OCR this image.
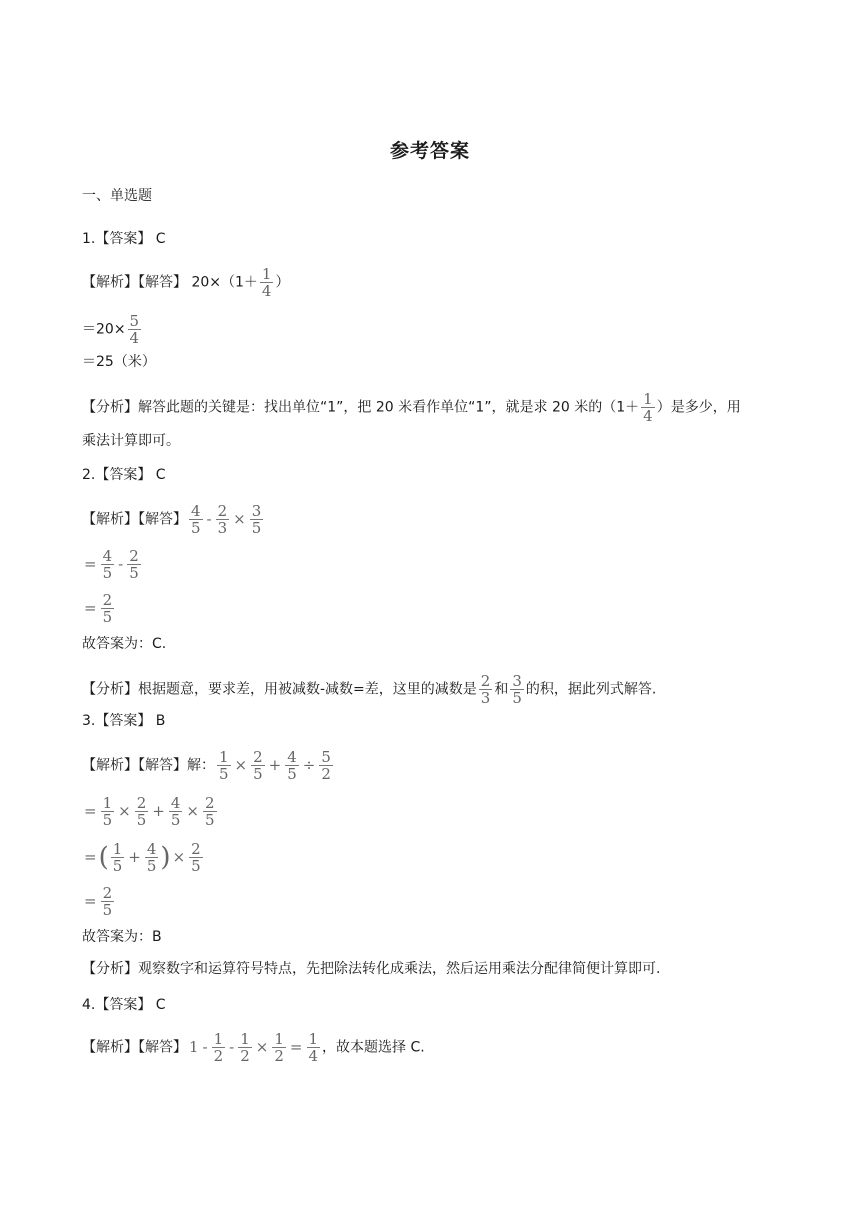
参考答案
一、单选题
1.【答案】 C
【解析】【解答】 $20\times(1+ \frac{1}{4}$ ）
$=20\times \frac{5}{4}$
＝25（米）
【分析】解答此题的关键是：找出单位“1”，把 20 米看作单位“1”，就是求 20 米的（$1+ \frac{1}{4}$ ）是多少，用
乘法计算即可。
2.【答案】 C
【解析】【解答】 $\frac{4}{5} - \frac{2}{3} \times \frac{3}{5}$
= $\frac{4}{5} - \frac{2}{5}$
= $\frac{2}{5}$
故答案为：C.
【分析】根据题意，要求差，用被减数-减数=差，这里的减数是 $\frac{2}{3}$ 和 $\frac{3}{5}$ 的积，据此列式解答.
3.【答案】 B
【解析】【解答】解： $\frac{1}{5} \times \frac{2}{5} + \frac{4}{5} \div \frac{5}{2}$
= $\frac{1}{5} \times \frac{2}{5} + \frac{4}{5} \times \frac{2}{5}$
=( $\frac{1}{5} + \frac{4}{5}$ ) × $\frac{2}{5}$
= $\frac{2}{5}$
故答案为：B
【分析】观察数字和运算符号特点，先把除法转化成乘法，然后运用乘法分配律简便计算即可.
4.【答案】 C
【解析】【解答】 $1 - \frac{1}{2} - \frac{1}{2} \times \frac{1}{2} = \frac{1}{4}$ ，故本题选择 C.
